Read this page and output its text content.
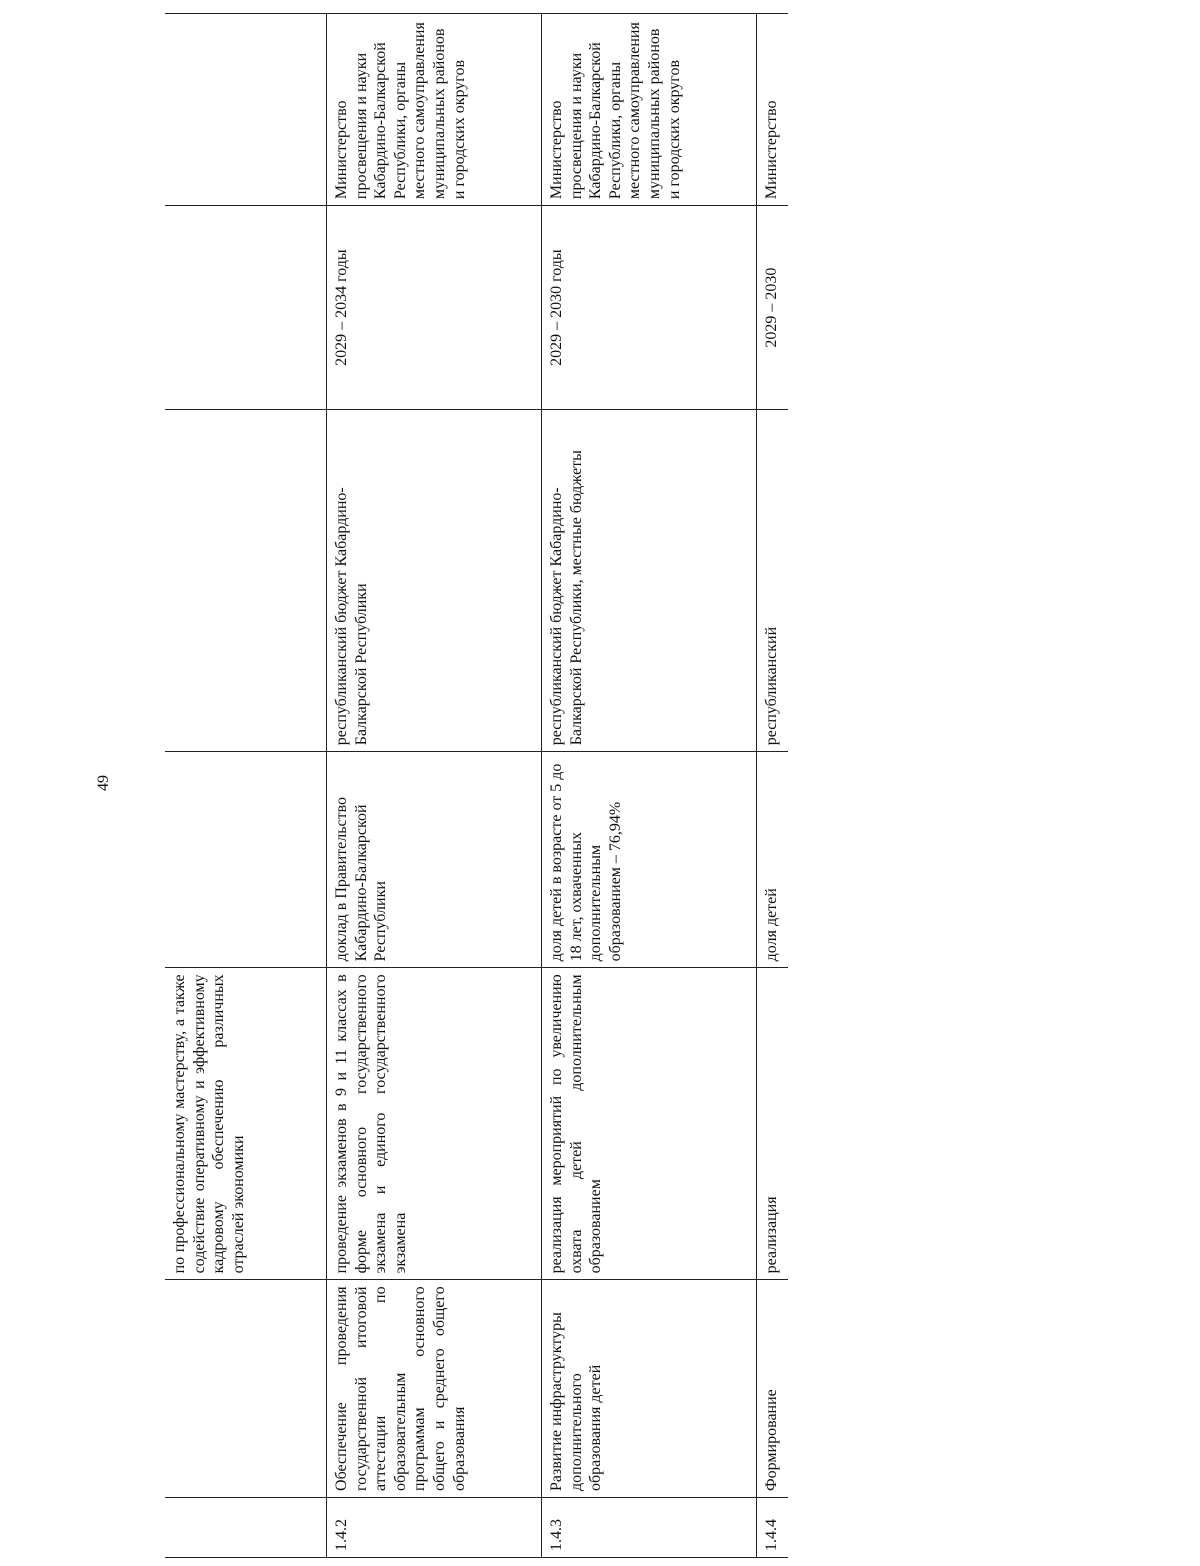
49
		по профессиональному мастерству, а также содействие оперативному и эффективному кадровому обеспечению различных отраслей экономики				
1.4.2	Обеспечение проведения государственной итоговой аттестации по образовательным программам основного общего и среднего общего образования	проведение экзаменов в 9 и 11 классах в форме основного государственного экзамена и единого государственного экзамена	доклад в Правительство Кабардино-Балкарской Республики	республиканский бюджет Кабардино-Балкарской Республики	2029 – 2034 годы	Министерство просвещения и науки Кабардино-Балкарской Республики, органы местного самоуправления муниципальных районов и городских округов
1.4.3	Развитие инфраструктуры дополнительного образования детей	реализация мероприятий по увеличению охвата детей дополнительным образованием	доля детей в возрасте от 5 до 18 лет, охваченных дополнительным образованием – 76,94%	республиканский бюджет Кабардино-Балкарской Республики, местные бюджеты	2029 – 2030 годы	Министерство просвещения и науки Кабардино-Балкарской Республики, органы местного самоуправления муниципальных районов и городских округов
1.4.4	Формирование	реализация	доля детей	республиканский	2029 – 2030	Министерство
